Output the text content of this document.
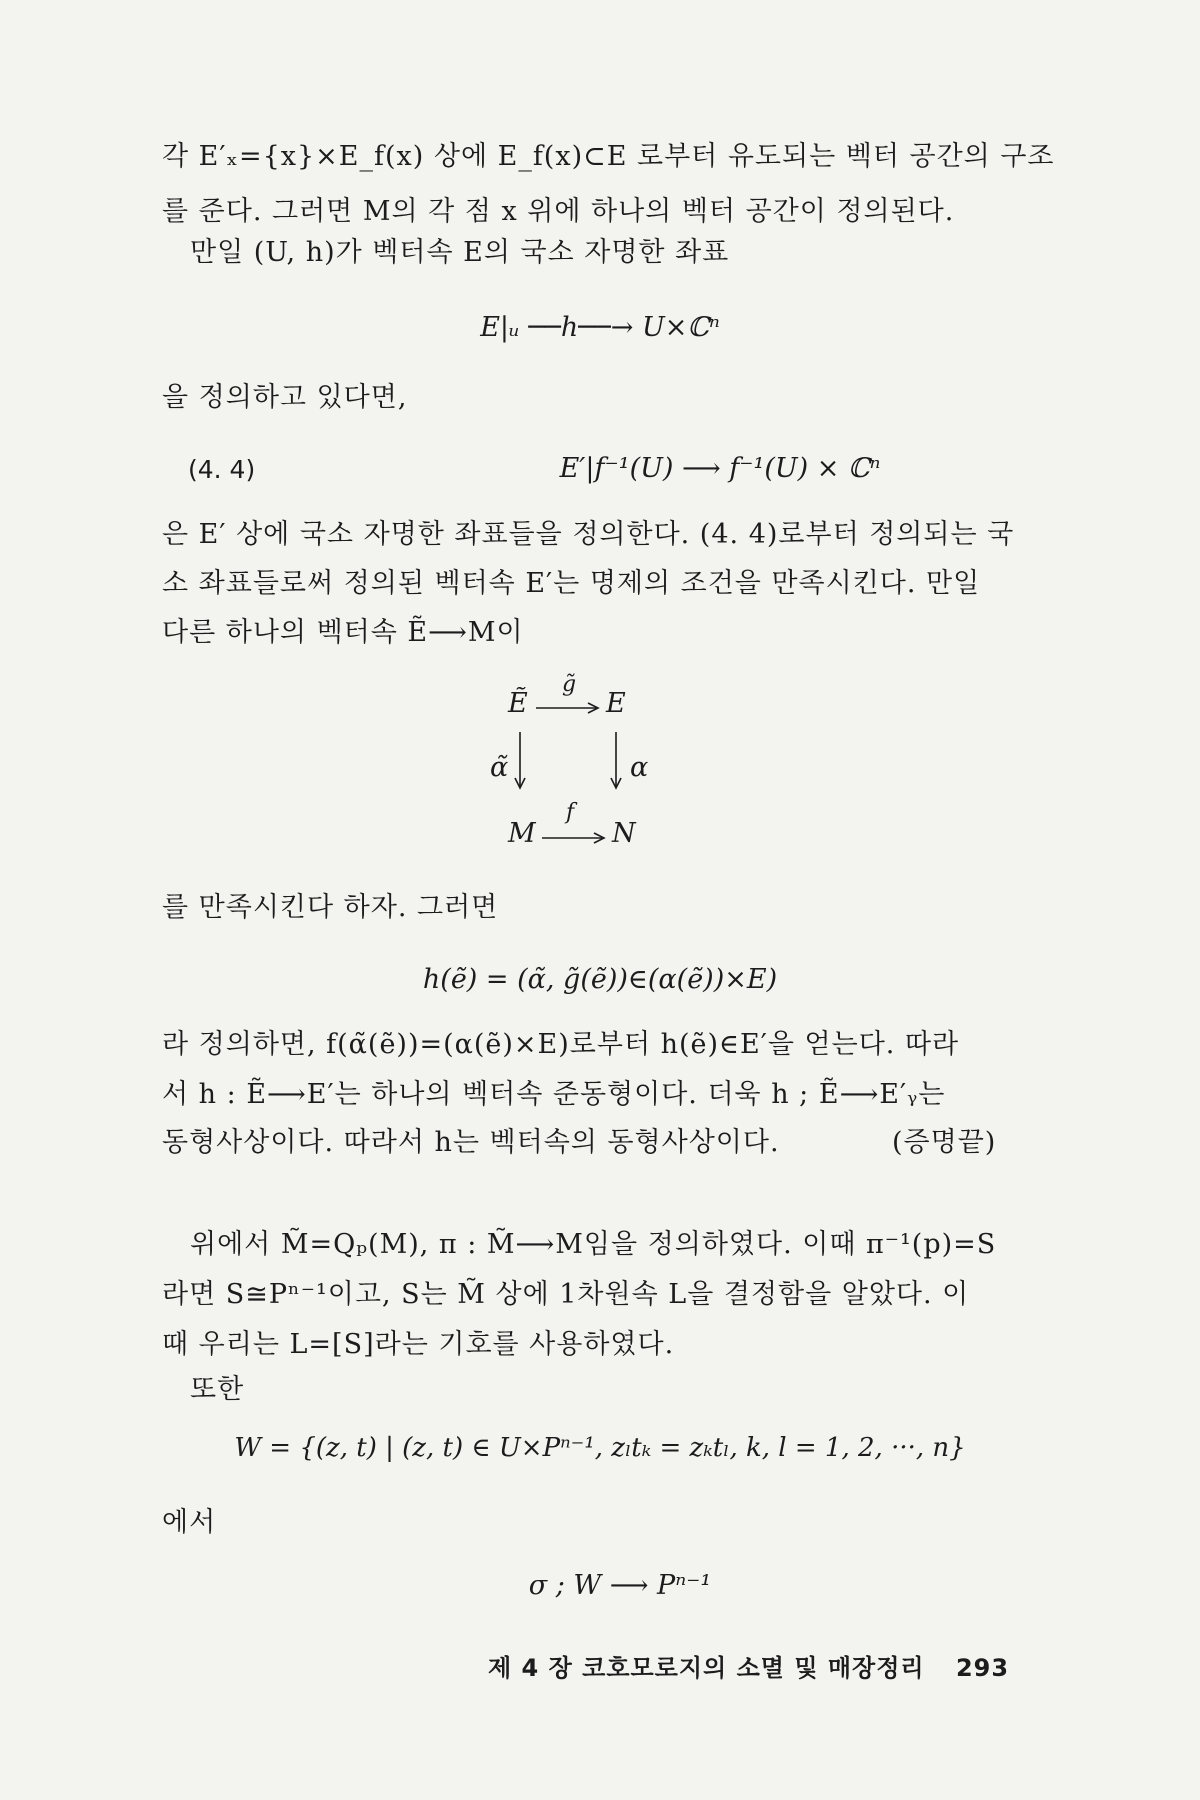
각 E′ₓ={x}×E_f(x) 상에 E_f(x)⊂E 로부터 유도되는 벡터 공간의 구조
를 준다. 그러면 M의 각 점 x 위에 하나의 벡터 공간이 정의된다.
만일 (U, h)가 벡터속 E의 국소 자명한 좌표
E|ᵤ ──h──→ U×ℂⁿ
을 정의하고 있다면,
(4. 4)	E′|f⁻¹(U) ⟶ f⁻¹(U) × ℂⁿ
은 E′ 상에 국소 자명한 좌표들을 정의한다. (4. 4)로부터 정의되는 국
소 좌표들로써 정의된 벡터속 E′는 명제의 조건을 만족시킨다. 만일
다른 하나의 벡터속 Ẽ⟶M이
Ẽ
g̃
E
α̃	α
M
f
N
를 만족시킨다 하자. 그러면
h(ẽ) = (α̃, g̃(ẽ))∈(α(ẽ))×E)
라 정의하면, f(α̃(ẽ))=(α(ẽ)×E)로부터 h(ẽ)∈E′을 얻는다. 따라
서 h : Ẽ⟶E′는 하나의 벡터속 준동형이다. 더욱 h ; Ẽ⟶E′ᵧ는
동형사상이다. 따라서 h는 벡터속의 동형사상이다.	(증명끝)
위에서 M̃=Qₚ(M), π : M̃⟶M임을 정의하였다. 이때 π⁻¹(p)=S
라면 S≅Pⁿ⁻¹이고, S는 M̃ 상에 1차원속 L을 결정함을 알았다. 이
때 우리는 L=[S]라는 기호를 사용하였다.
또한
W = {(z, t) | (z, t) ∈ U×Pⁿ⁻¹, zₗtₖ = zₖtₗ, k, l = 1, 2, ···, n}
에서
σ ; W ⟶ Pⁿ⁻¹
제 4 장 코호모로지의 소멸 및 매장정리 293
